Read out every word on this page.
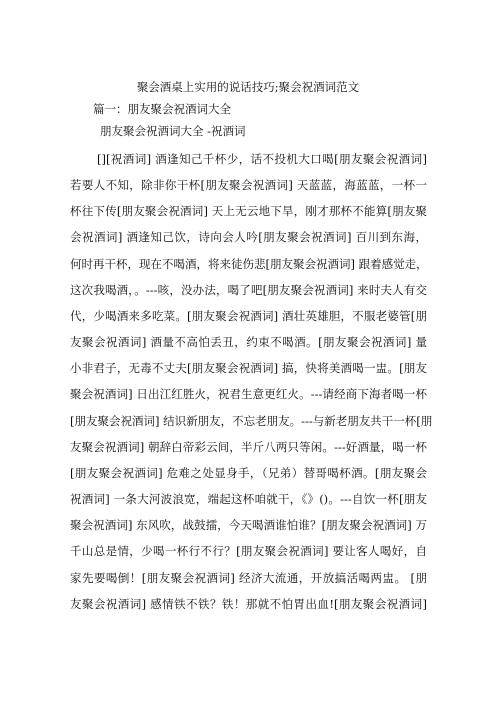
聚会酒桌上实用的说话技巧;聚会祝酒词范文
篇一：朋友聚会祝酒词大全
朋友聚会祝酒词大全 -祝酒词
[][祝酒词] 酒逢知己千杯少，话不投机大口喝[朋友聚会祝酒词]
若要人不知，除非你干杯[朋友聚会祝酒词] 天蓝蓝，海蓝蓝，一杯一
杯往下传[朋友聚会祝酒词] 天上无云地下旱，刚才那杯不能算[朋友聚
会祝酒词] 酒逢知己饮，诗向会人吟[朋友聚会祝酒词] 百川到东海，
何时再干杯，现在不喝酒，将来徒伤悲[朋友聚会祝酒词] 跟着感觉走，
这次我喝酒，。---咳，没办法，喝了吧[朋友聚会祝酒词] 来时夫人有交
代，少喝酒来多吃菜。[朋友聚会祝酒词] 酒壮英雄胆，不服老婆管[朋
友聚会祝酒词] 酒量不高怕丢丑，约束不喝酒。[朋友聚会祝酒词] 量
小非君子，无毒不丈夫[朋友聚会祝酒词] 搞，快将美酒喝一盅。[朋友
聚会祝酒词] 日出江红胜火，祝君生意更红火。---请经商下海者喝一杯
[朋友聚会祝酒词] 结识新朋友，不忘老朋友。---与新老朋友共干一杯[朋
友聚会祝酒词] 朝辞白帝彩云间，半斤八两只等闲。---好酒量，喝一杯
[朋友聚会祝酒词] 危难之处显身手，（兄弟）替哥喝杯酒。[朋友聚会
祝酒词] 一条大河波浪宽，端起这杯咱就干，《》()。---自饮一杯[朋友
聚会祝酒词] 东风吹，战鼓擂，今天喝酒谁怕谁？[朋友聚会祝酒词] 万
千山总是情，少喝一杯行不行？[朋友聚会祝酒词] 要让客人喝好，自
家先要喝倒！[朋友聚会祝酒词] 经济大流通，开放搞活喝两盅。 [朋
友聚会祝酒词] 感情铁不铁？铁！那就不怕胃出血![朋友聚会祝酒词]
